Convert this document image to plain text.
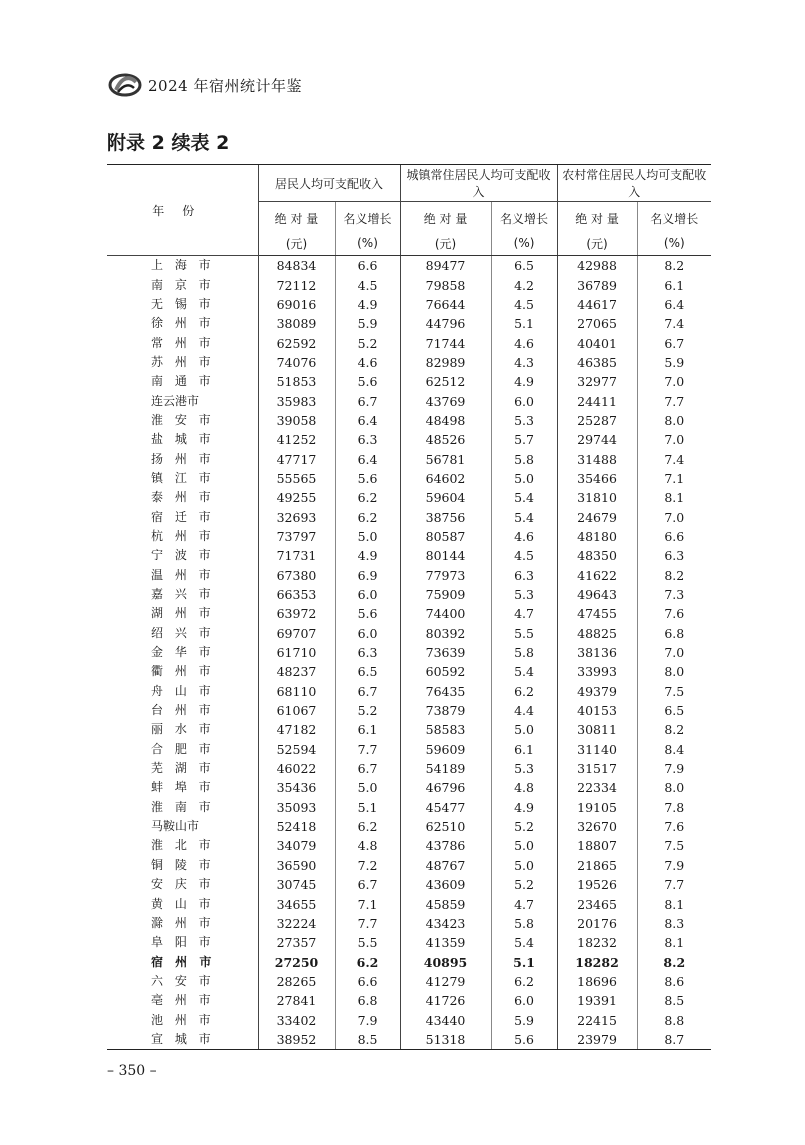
2024 年宿州统计年鉴
附录 2 续表 2
年份	居民人均可支配收入		城镇常住居民人均可支配收入		农村常住居民人均可支配收入	
	绝 对 量	名义增长	绝 对 量	名义增长	绝 对 量	名义增长
	(元)	(%)	(元)	(%)	(元)	(%)
上 海 市	84834	6.6	89477	6.5	42988	8.2
南 京 市	72112	4.5	79858	4.2	36789	6.1
无 锡 市	69016	4.9	76644	4.5	44617	6.4
徐 州 市	38089	5.9	44796	5.1	27065	7.4
常 州 市	62592	5.2	71744	4.6	40401	6.7
苏 州 市	74076	4.6	82989	4.3	46385	5.9
南 通 市	51853	5.6	62512	4.9	32977	7.0
连云港市	35983	6.7	43769	6.0	24411	7.7
淮 安 市	39058	6.4	48498	5.3	25287	8.0
盐 城 市	41252	6.3	48526	5.7	29744	7.0
扬 州 市	47717	6.4	56781	5.8	31488	7.4
镇 江 市	55565	5.6	64602	5.0	35466	7.1
泰 州 市	49255	6.2	59604	5.4	31810	8.1
宿 迁 市	32693	6.2	38756	5.4	24679	7.0
杭 州 市	73797	5.0	80587	4.6	48180	6.6
宁 波 市	71731	4.9	80144	4.5	48350	6.3
温 州 市	67380	6.9	77973	6.3	41622	8.2
嘉 兴 市	66353	6.0	75909	5.3	49643	7.3
湖 州 市	63972	5.6	74400	4.7	47455	7.6
绍 兴 市	69707	6.0	80392	5.5	48825	6.8
金 华 市	61710	6.3	73639	5.8	38136	7.0
衢 州 市	48237	6.5	60592	5.4	33993	8.0
舟 山 市	68110	6.7	76435	6.2	49379	7.5
台 州 市	61067	5.2	73879	4.4	40153	6.5
丽 水 市	47182	6.1	58583	5.0	30811	8.2
合 肥 市	52594	7.7	59609	6.1	31140	8.4
芜 湖 市	46022	6.7	54189	5.3	31517	7.9
蚌 埠 市	35436	5.0	46796	4.8	22334	8.0
淮 南 市	35093	5.1	45477	4.9	19105	7.8
马鞍山市	52418	6.2	62510	5.2	32670	7.6
淮 北 市	34079	4.8	43786	5.0	18807	7.5
铜 陵 市	36590	7.2	48767	5.0	21865	7.9
安 庆 市	30745	6.7	43609	5.2	19526	7.7
黄 山 市	34655	7.1	45859	4.7	23465	8.1
滁 州 市	32224	7.7	43423	5.8	20176	8.3
阜 阳 市	27357	5.5	41359	5.4	18232	8.1
宿 州 市	27250	6.2	40895	5.1	18282	8.2
六 安 市	28265	6.6	41279	6.2	18696	8.6
亳 州 市	27841	6.8	41726	6.0	19391	8.5
池 州 市	33402	7.9	43440	5.9	22415	8.8
宣 城 市	38952	8.5	51318	5.6	23979	8.7
– 350 –
